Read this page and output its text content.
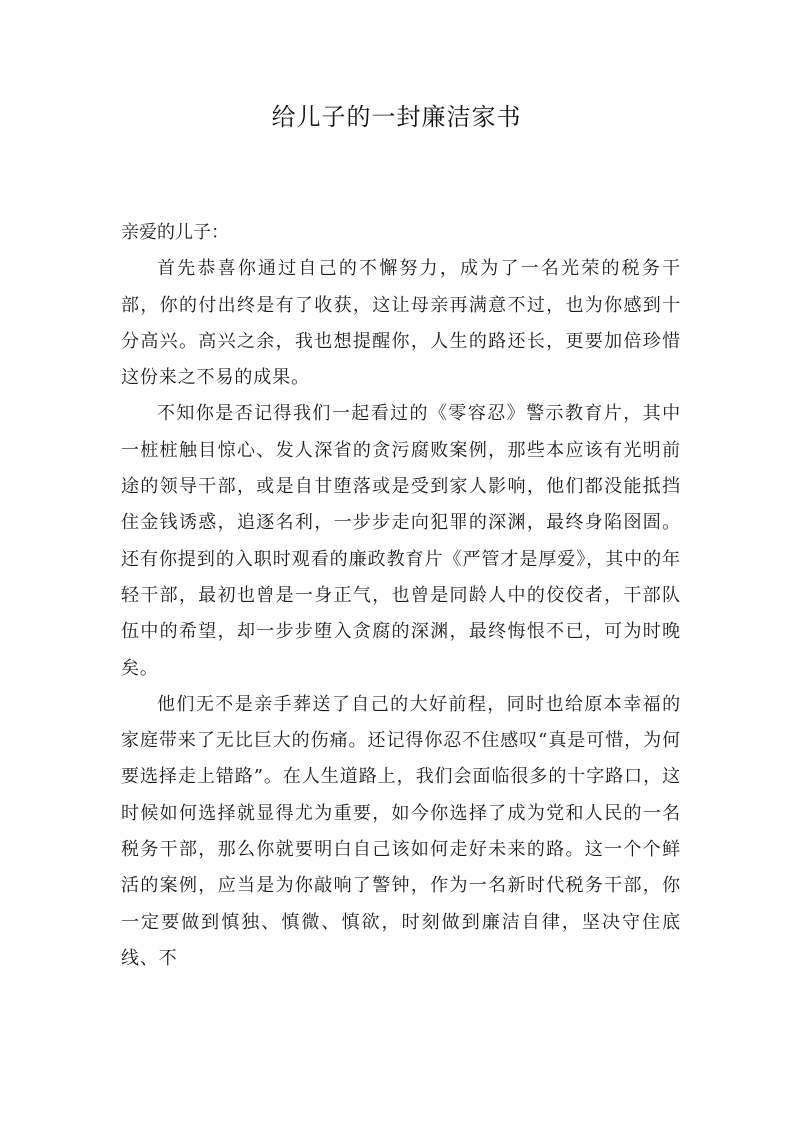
给儿子的一封廉洁家书

亲爱的儿子：

首先恭喜你通过自己的不懈努力，成为了一名光荣的税务干部，你的付出终是有了收获，这让母亲再满意不过，也为你感到十分高兴。高兴之余，我也想提醒你，人生的路还长，更要加倍珍惜这份来之不易的成果。

不知你是否记得我们一起看过的《零容忍》警示教育片，其中一桩桩触目惊心、发人深省的贪污腐败案例，那些本应该有光明前途的领导干部，或是自甘堕落或是受到家人影响，他们都没能抵挡住金钱诱惑，追逐名利，一步步走向犯罪的深渊，最终身陷囹圄。还有你提到的入职时观看的廉政教育片《严管才是厚爱》，其中的年轻干部，最初也曾是一身正气，也曾是同龄人中的佼佼者，干部队伍中的希望，却一步步堕入贪腐的深渊，最终悔恨不已，可为时晚矣。

他们无不是亲手葬送了自己的大好前程，同时也给原本幸福的家庭带来了无比巨大的伤痛。还记得你忍不住感叹“真是可惜，为何要选择走上错路”。在人生道路上，我们会面临很多的十字路口，这时候如何选择就显得尤为重要，如今你选择了成为党和人民的一名税务干部，那么你就要明白自己该如何走好未来的路。这一个个鲜活的案例，应当是为你敲响了警钟，作为一名新时代税务干部，你一定要做到慎独、慎微、慎欲，时刻做到廉洁自律，坚决守住底线、不
